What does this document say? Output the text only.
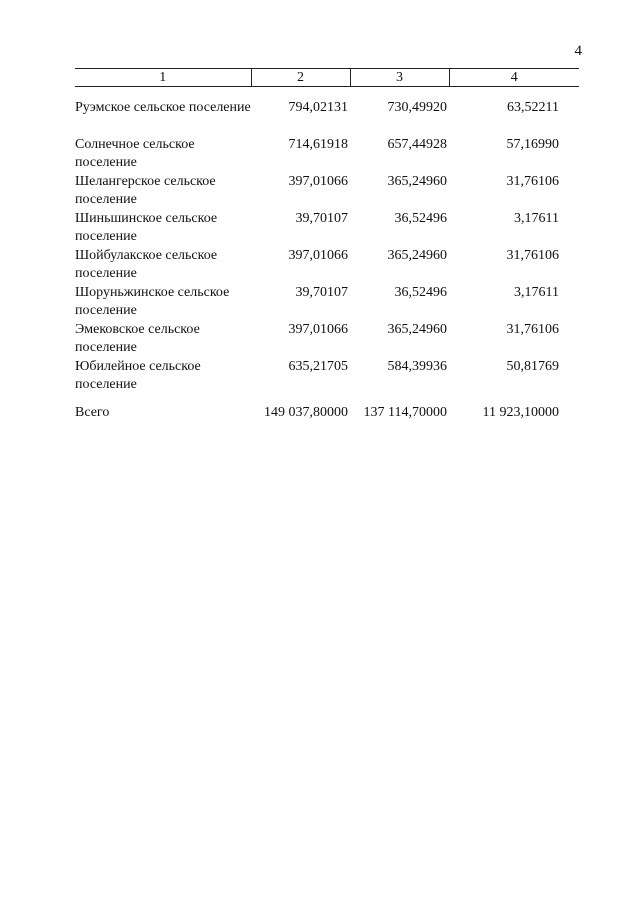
4
1	2	3	4

Руэмское сельское поселение	794,02131	730,49920	63,52211
Солнечное сельское поселение	714,61918	657,44928	57,16990
Шелангерское сельское поселение	397,01066	365,24960	31,76106
Шиньшинское сельское поселение	39,70107	36,52496	3,17611
Шойбулакское сельское поселение	397,01066	365,24960	31,76106
Шоруньжинское сельское поселение	39,70107	36,52496	3,17611
Эмековское сельское поселение	397,01066	365,24960	31,76106
Юбилейное сельское поселение	635,21705	584,39936	50,81769

Всего	149 037,80000	137 114,70000	11 923,10000
